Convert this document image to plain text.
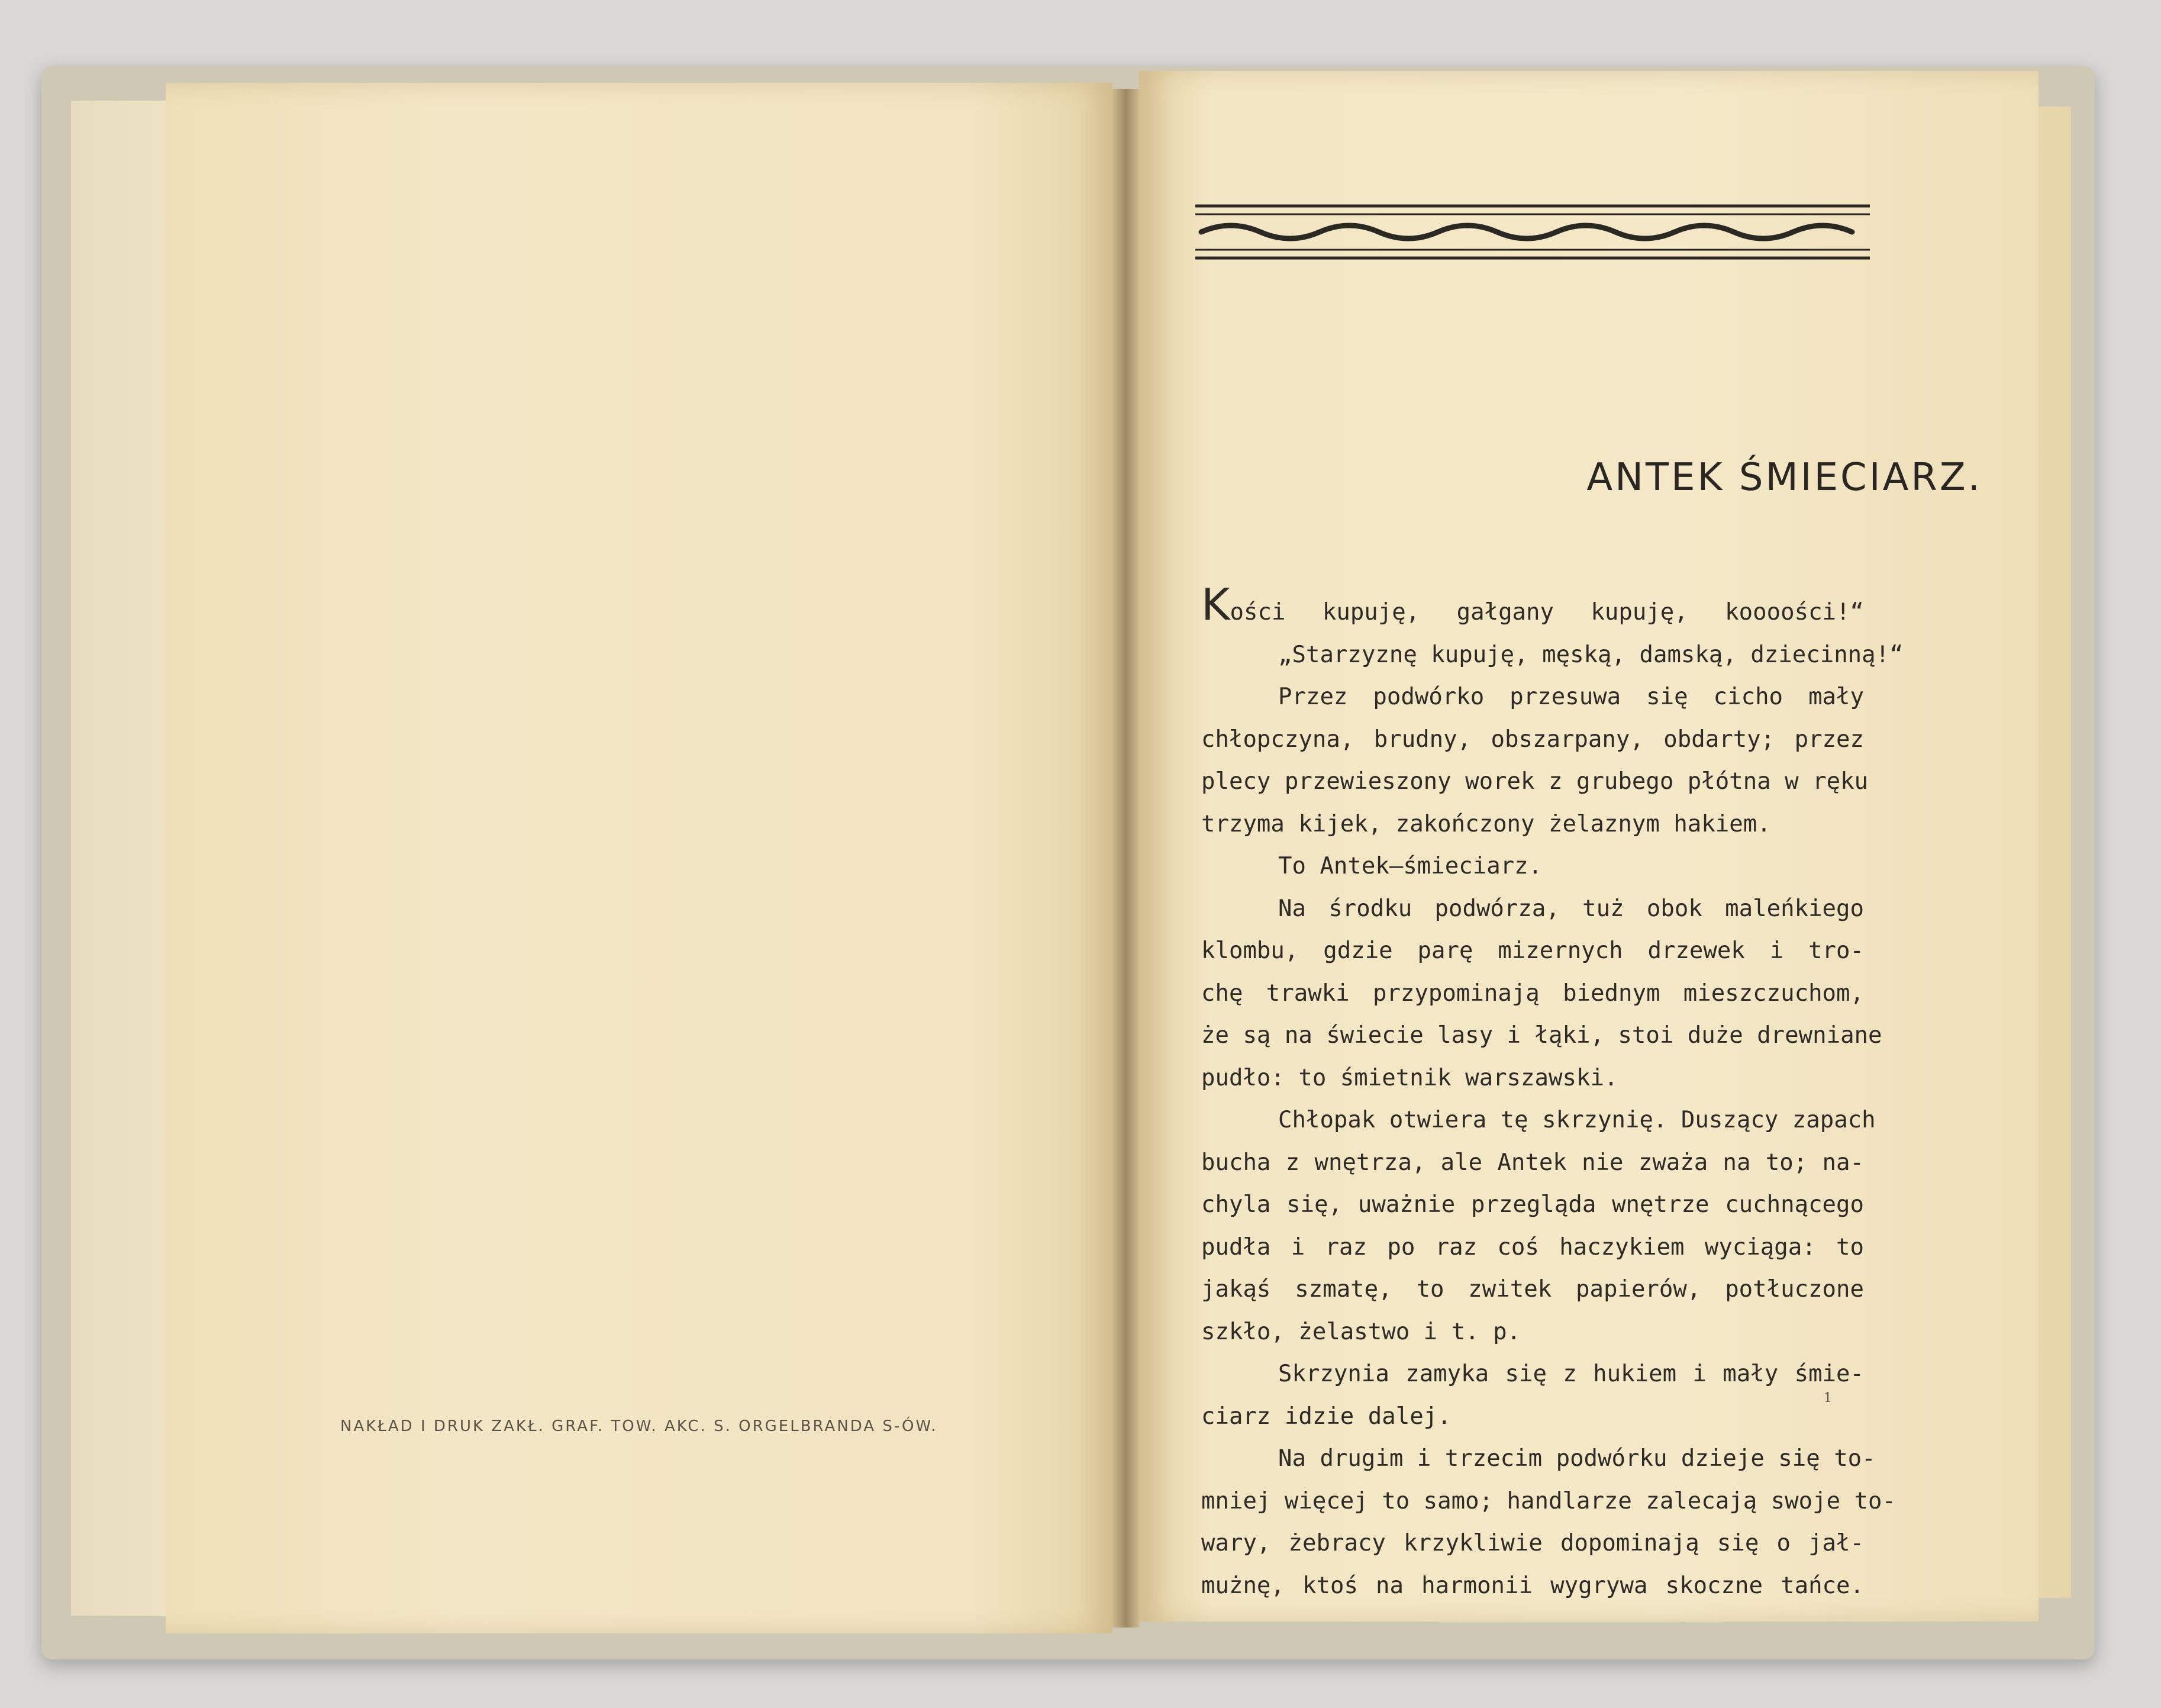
NAKŁAD I DRUK ZAKŁ. GRAF. TOW. AKC. S. ORGELBRANDA S-ÓW.
ANTEK ŚMIECIARZ.
Kości kupuję, gałgany kupuję, koooości!“
„Starzyznę kupuję, męską, damską, dziecinną!“
Przez podwórko przesuwa się cicho mały
chłopczyna, brudny, obszarpany, obdarty; przez
plecy przewieszony worek z grubego płótna w ręku
trzyma kijek, zakończony żelaznym hakiem.
To Antek—śmieciarz.
Na środku podwórza, tuż obok maleńkiego
klombu, gdzie parę mizernych drzewek i tro-
chę trawki przypominają biednym mieszczuchom,
że są na świecie lasy i łąki, stoi duże drewniane
pudło: to śmietnik warszawski.
Chłopak otwiera tę skrzynię. Duszący zapach
bucha z wnętrza, ale Antek nie zważa na to; na-
chyla się, uważnie przegląda wnętrze cuchnącego
pudła i raz po raz coś haczykiem wyciąga: to
jakąś szmatę, to zwitek papierów, potłuczone
szkło, żelastwo i t. p.
Skrzynia zamyka się z hukiem i mały śmie-
ciarz idzie dalej.
Na drugim i trzecim podwórku dzieje się to-
mniej więcej to samo; handlarze zalecają swoje to-
wary, żebracy krzykliwie dopominają się o jał-
mużnę, ktoś na harmonii wygrywa skoczne tańce.
1
